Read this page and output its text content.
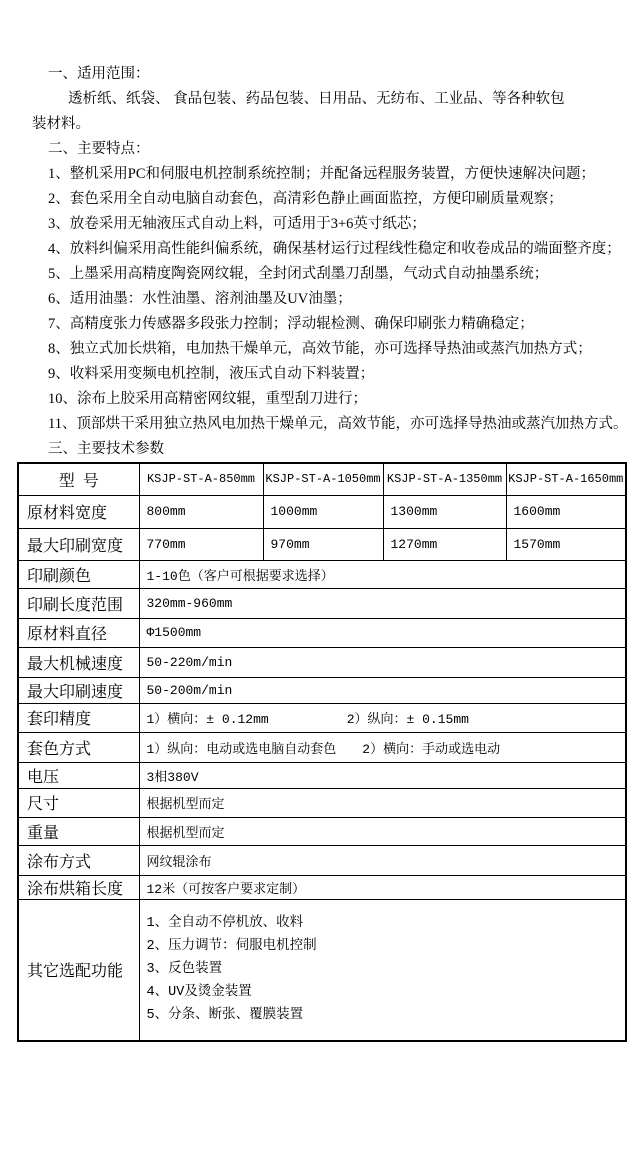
一、适用范围：
透析纸、纸袋、 食品包装、药品包装、日用品、无纺布、工业品、等各种软包
装材料。
二、主要特点：
1、整机采用PC和伺服电机控制系统控制；并配备远程服务装置，方便快速解决问题；
2、套色采用全自动电脑自动套色，高清彩色静止画面监控，方便印刷质量观察；
3、放卷采用无轴液压式自动上料，可适用于3+6英寸纸芯；
4、放料纠偏采用高性能纠偏系统，确保基材运行过程线性稳定和收卷成品的端面整齐度；
5、上墨采用高精度陶瓷网纹辊，全封闭式刮墨刀刮墨，气动式自动抽墨系统；
6、适用油墨：水性油墨、溶剂油墨及UV油墨；
7、高精度张力传感器多段张力控制；浮动辊检测、确保印刷张力精确稳定；
8、独立式加长烘箱，电加热干燥单元，高效节能，亦可选择导热油或蒸汽加热方式；
9、收料采用变频电机控制，液压式自动下料装置；
10、涂布上胶采用高精密网纹辊，重型刮刀进行；
11、顶部烘干采用独立热风电加热干燥单元，高效节能，亦可选择导热油或蒸汽加热方式。
三、主要技术参数
型  号	KSJP-ST-A-850mm	KSJP-ST-A-1050mm	KSJP-ST-A-1350mm	KSJP-ST-A-1650mm
原材料宽度	800mm	1000mm	1300mm	1600mm
最大印刷宽度	770mm	970mm	1270mm	1570mm
印刷颜色	1-10色（客户可根据要求选择）			
印刷长度范围	320mm-960mm			
原材料直径	Φ1500mm			
最大机械速度	50-220m/min			
最大印刷速度	50-200m/min			
套印精度	1）横向：± 0.12mm　　　　　　2）纵向：± 0.15mm			
套色方式	1）纵向：电动或选电脑自动套色　　2）横向：手动或选电动			
电压	3相380V			
尺寸	根据机型而定			
重量	根据机型而定			
涂布方式	网纹辊涂布			
涂布烘箱长度	12米（可按客户要求定制）			
其它选配功能	1、全自动不停机放、收料
2、压力调节：伺服电机控制
3、反色装置
4、UV及烫金装置
5、分条、断张、覆膜装置			
